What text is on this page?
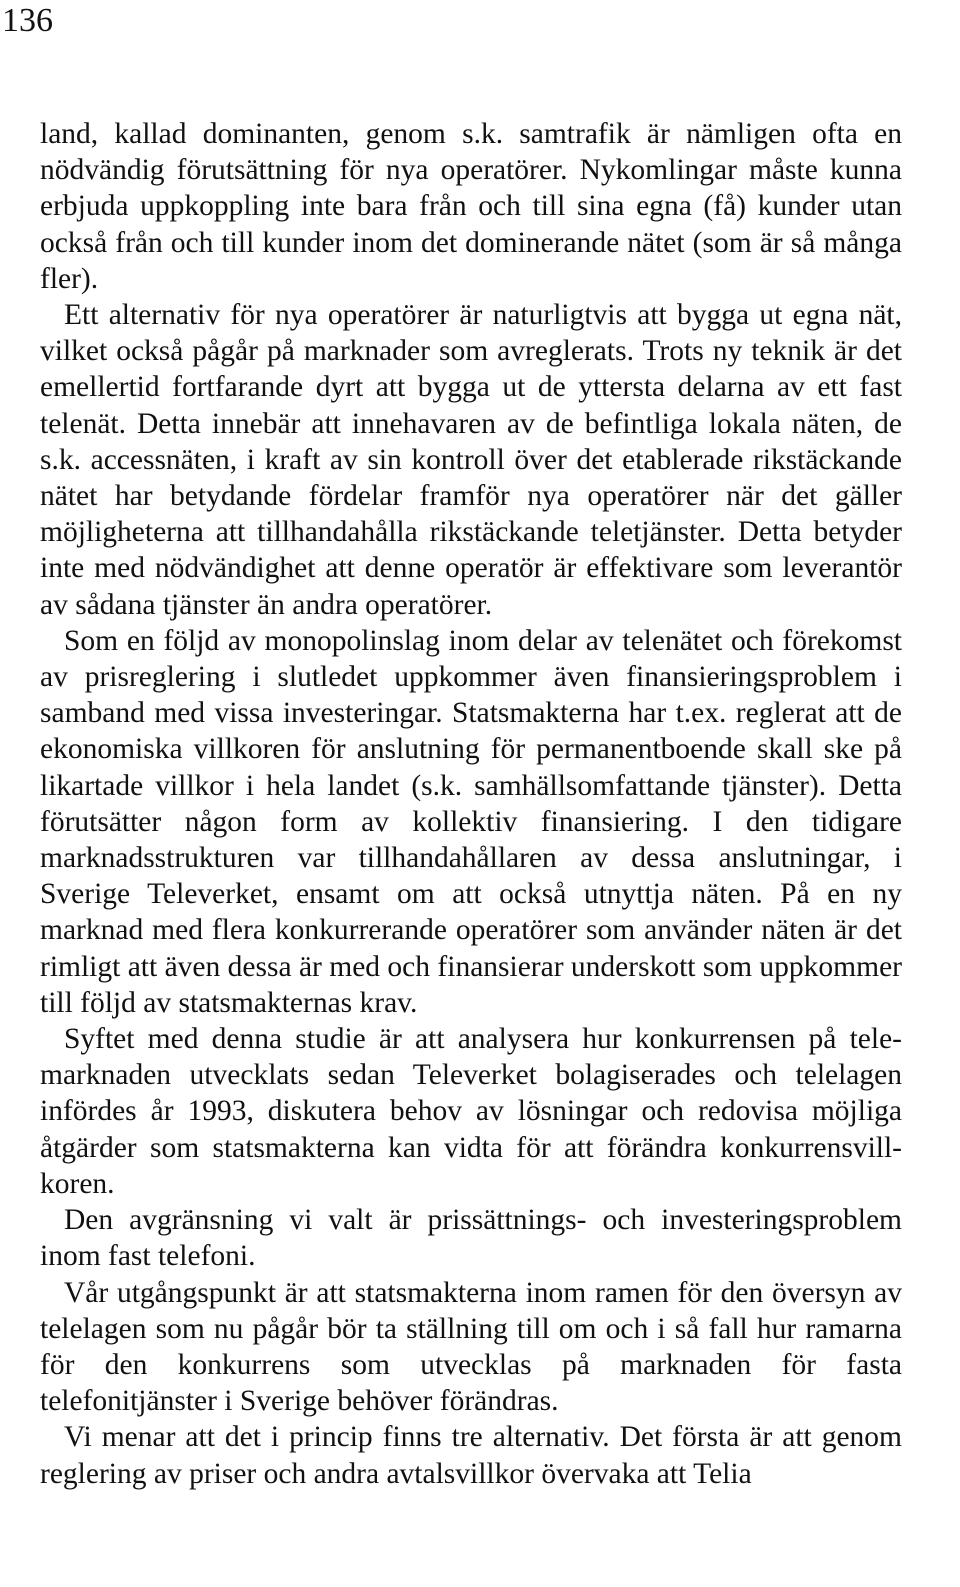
136

land, kallad dominanten, genom s.k. samtrafik är nämligen ofta en nödvändig förutsättning för nya operatörer. Nykomlingar måste kunna erbjuda uppkoppling inte bara från och till sina egna (få) kunder utan också från och till kunder inom det dominerande nätet (som är så många fler).

Ett alternativ för nya operatörer är naturligtvis att bygga ut egna nät, vilket också pågår på marknader som avreglerats. Trots ny teknik är det emellertid fortfarande dyrt att bygga ut de yttersta delarna av ett fast telenät. Detta innebär att innehavaren av de befintliga lokala näten, de s.k. accessnäten, i kraft av sin kontroll över det etablerade rikstäckande nätet har betydande fördelar framför nya operatörer när det gäller möjligheterna att tillhandahålla rikstäckande teletjänster. Detta betyder inte med nödvändighet att denne operatör är effektivare som leverantör av sådana tjänster än andra operatörer.

Som en följd av monopolinslag inom delar av telenätet och förekomst av prisreglering i slutledet uppkommer även finansieringsproblem i samband med vissa investeringar. Statsmakterna har t.ex. reglerat att de ekonomiska villkoren för anslutning för permanentboende skall ske på likartade villkor i hela landet (s.k. samhällsomfattande tjänster). Detta förutsätter någon form av kollektiv finansiering. I den tidigare marknadsstrukturen var tillhandahållaren av dessa anslutningar, i Sverige Televerket, ensamt om att också utnyttja näten. På en ny marknad med flera konkurrerande operatörer som använder näten är det rimligt att även dessa är med och finansierar underskott som uppkommer till följd av statsmakternas krav.

Syftet med denna studie är att analysera hur konkurrensen på telemarknaden utvecklats sedan Televerket bolagiserades och telelagen infördes år 1993, diskutera behov av lösningar och redovisa möjliga åtgärder som statsmakterna kan vidta för att förändra konkurrensvillkoren.

Den avgränsning vi valt är prissättnings- och investeringsproblem inom fast telefoni.

Vår utgångspunkt är att statsmakterna inom ramen för den översyn av telelagen som nu pågår bör ta ställning till om och i så fall hur ramarna för den konkurrens som utvecklas på marknaden för fasta telefonitjänster i Sverige behöver förändras.

Vi menar att det i princip finns tre alternativ. Det första är att genom reglering av priser och andra avtalsvillkor övervaka att Telia
